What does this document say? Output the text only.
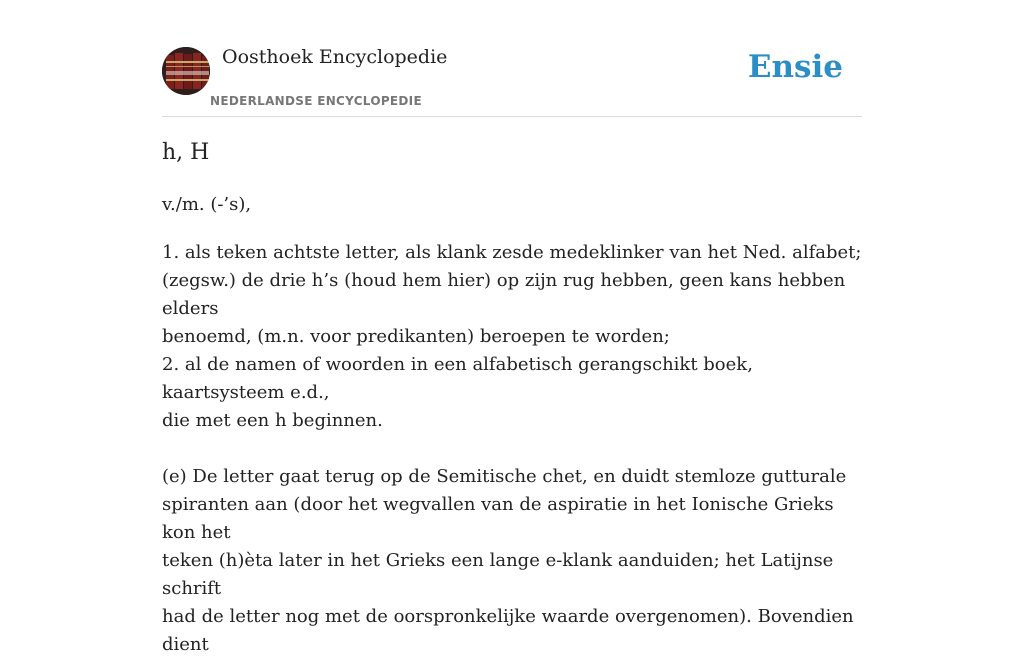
Oosthoek Encyclopedie
NEDERLANDSE ENCYCLOPEDIE
Ensie
h, H
v./m. (-’s),

1. als teken achtste letter, als klank zesde medeklinker van het Ned. alfabet;

(zegsw.) de drie h’s (houd hem hier) op zijn rug hebben, geen kans hebben elders

benoemd, (m.n. voor predikanten) beroepen te worden;

2. al de namen of woorden in een alfabetisch gerangschikt boek, kaartsysteem e.d.,

die met een h beginnen.

(e) De letter gaat terug op de Semitische chet, en duidt stemloze gutturale

spiranten aan (door het wegvallen van de aspiratie in het Ionische Grieks kon het

teken (h)èta later in het Grieks een lange e-klank aanduiden; het Latijnse schrift

had de letter nog met de oorspronkelijke waarde overgenomen). Bovendien dient
